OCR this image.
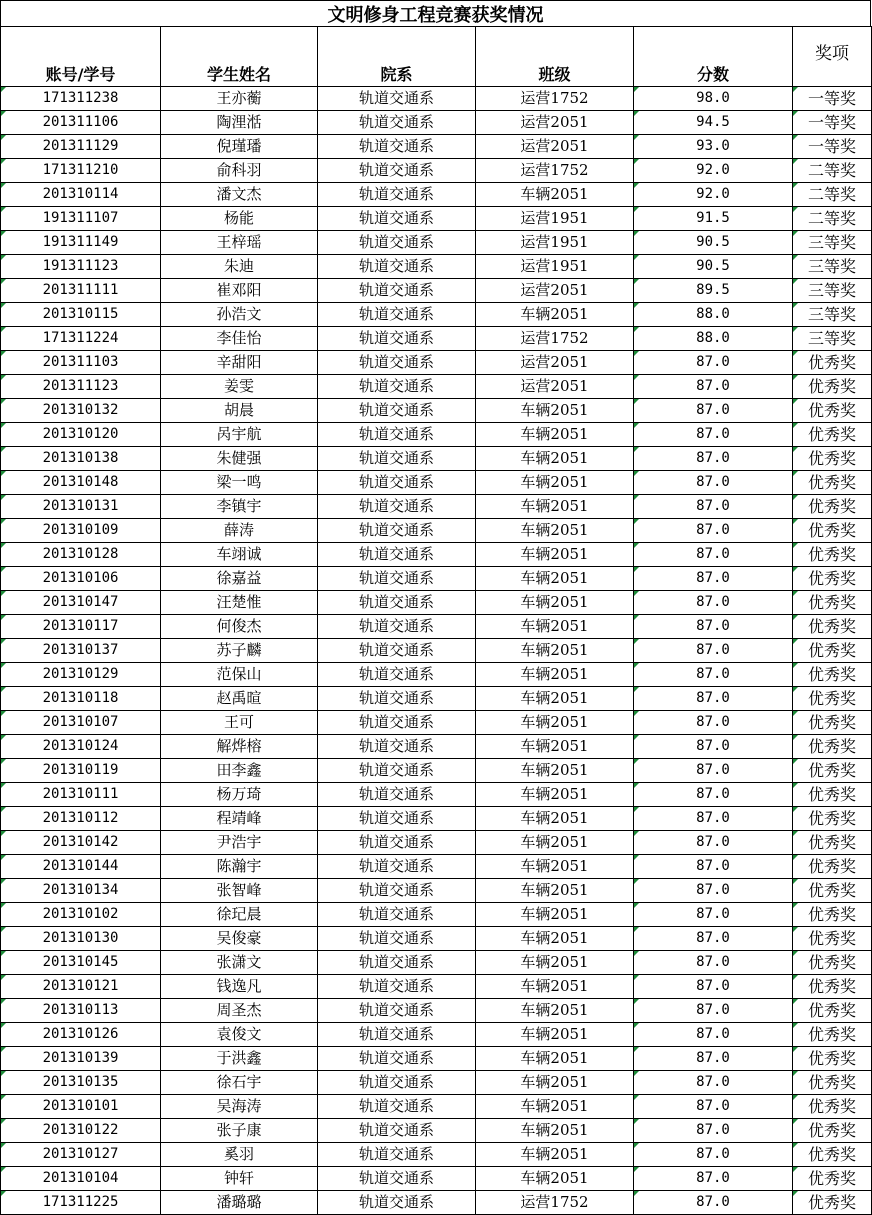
文明修身工程竞赛获奖情况
账号/学号	学生姓名	院系	班级	分数	奖项
171311238	王亦蘅	轨道交通系	运营1752	98.0	一等奖
201311106	陶浬湉	轨道交通系	运营2051	94.5	一等奖
201311129	倪瑾璠	轨道交通系	运营2051	93.0	一等奖
171311210	俞科羽	轨道交通系	运营1752	92.0	二等奖
201310114	潘文杰	轨道交通系	车辆2051	92.0	二等奖
191311107	杨能	轨道交通系	运营1951	91.5	二等奖
191311149	王梓瑶	轨道交通系	运营1951	90.5	三等奖
191311123	朱迪	轨道交通系	运营1951	90.5	三等奖
201311111	崔邓阳	轨道交通系	运营2051	89.5	三等奖
201310115	孙浩文	轨道交通系	车辆2051	88.0	三等奖
171311224	李佳怡	轨道交通系	运营1752	88.0	三等奖
201311103	辛甜阳	轨道交通系	运营2051	87.0	优秀奖
201311123	姜雯	轨道交通系	运营2051	87.0	优秀奖
201310132	胡晨	轨道交通系	车辆2051	87.0	优秀奖
201310120	呙宇航	轨道交通系	车辆2051	87.0	优秀奖
201310138	朱健强	轨道交通系	车辆2051	87.0	优秀奖
201310148	梁一鸣	轨道交通系	车辆2051	87.0	优秀奖
201310131	李镇宇	轨道交通系	车辆2051	87.0	优秀奖
201310109	薛涛	轨道交通系	车辆2051	87.0	优秀奖
201310128	车翊诚	轨道交通系	车辆2051	87.0	优秀奖
201310106	徐嘉益	轨道交通系	车辆2051	87.0	优秀奖
201310147	汪楚惟	轨道交通系	车辆2051	87.0	优秀奖
201310117	何俊杰	轨道交通系	车辆2051	87.0	优秀奖
201310137	苏子麟	轨道交通系	车辆2051	87.0	优秀奖
201310129	范保山	轨道交通系	车辆2051	87.0	优秀奖
201310118	赵禹暄	轨道交通系	车辆2051	87.0	优秀奖
201310107	王可	轨道交通系	车辆2051	87.0	优秀奖
201310124	解烨榕	轨道交通系	车辆2051	87.0	优秀奖
201310119	田李鑫	轨道交通系	车辆2051	87.0	优秀奖
201310111	杨万琦	轨道交通系	车辆2051	87.0	优秀奖
201310112	程靖峰	轨道交通系	车辆2051	87.0	优秀奖
201310142	尹浩宇	轨道交通系	车辆2051	87.0	优秀奖
201310144	陈瀚宇	轨道交通系	车辆2051	87.0	优秀奖
201310134	张智峰	轨道交通系	车辆2051	87.0	优秀奖
201310102	徐玘晨	轨道交通系	车辆2051	87.0	优秀奖
201310130	吴俊豪	轨道交通系	车辆2051	87.0	优秀奖
201310145	张潇文	轨道交通系	车辆2051	87.0	优秀奖
201310121	钱逸凡	轨道交通系	车辆2051	87.0	优秀奖
201310113	周圣杰	轨道交通系	车辆2051	87.0	优秀奖
201310126	袁俊文	轨道交通系	车辆2051	87.0	优秀奖
201310139	于洪鑫	轨道交通系	车辆2051	87.0	优秀奖
201310135	徐石宇	轨道交通系	车辆2051	87.0	优秀奖
201310101	吴海涛	轨道交通系	车辆2051	87.0	优秀奖
201310122	张子康	轨道交通系	车辆2051	87.0	优秀奖
201310127	奚羽	轨道交通系	车辆2051	87.0	优秀奖
201310104	钟轩	轨道交通系	车辆2051	87.0	优秀奖
171311225	潘璐璐	轨道交通系	运营1752	87.0	优秀奖
